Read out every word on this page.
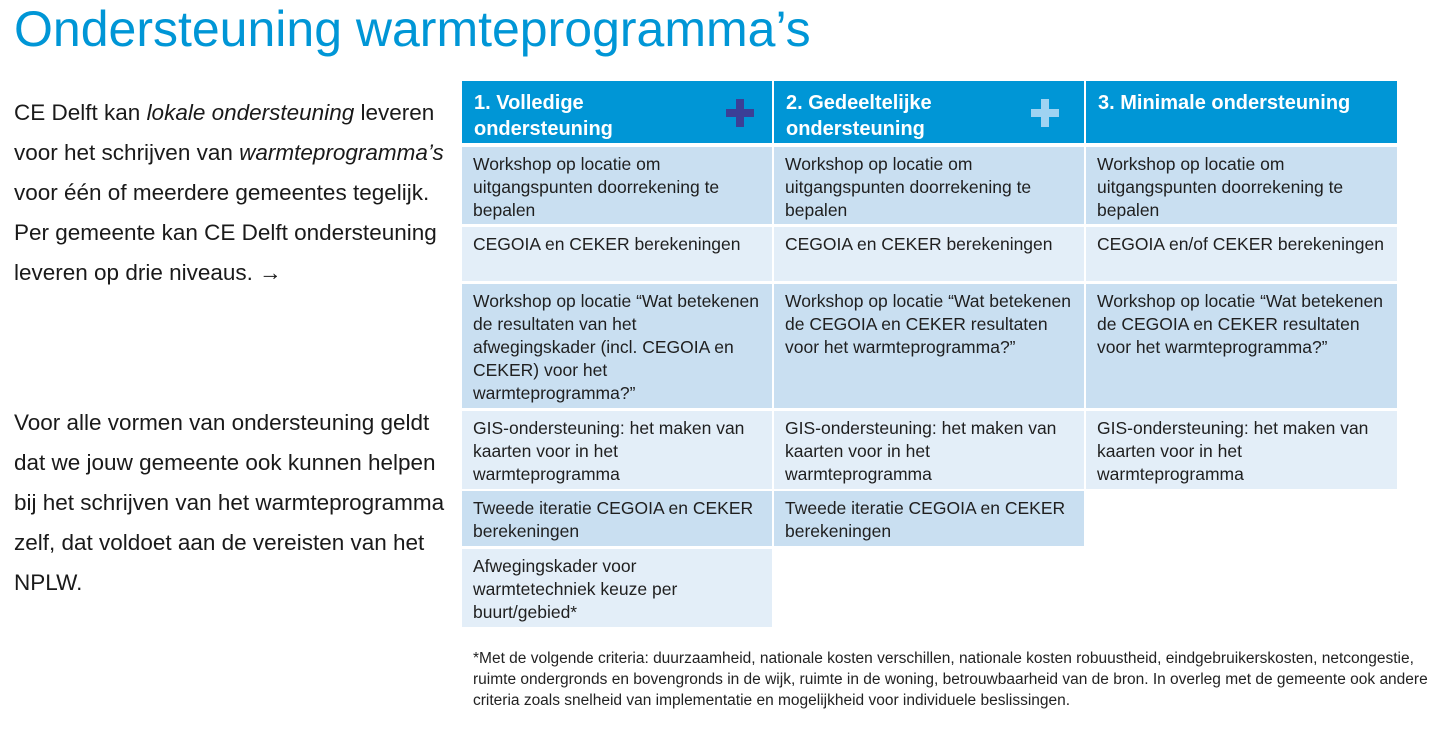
Ondersteuning warmteprogramma’s
CE Delft kan lokale ondersteuning leveren voor het schrijven van warmteprogramma’s voor één of meerdere gemeentes tegelijk. Per gemeente kan CE Delft ondersteuning leveren op drie niveaus. →
Voor alle vormen van ondersteuning geldt dat we jouw gemeente ook kunnen helpen bij het schrijven van het warmteprogramma zelf, dat voldoet aan de vereisten van het NPLW.
1. Volledige ondersteuning
2. Gedeeltelijke ondersteuning
3. Minimale ondersteuning
Workshop op locatie om uitgangspunten doorrekening te bepalen
Workshop op locatie om uitgangspunten doorrekening te bepalen
Workshop op locatie om uitgangspunten doorrekening te bepalen
CEGOIA en CEKER berekeningen	CEGOIA en CEKER berekeningen	CEGOIA en/of CEKER berekeningen
Workshop op locatie “Wat betekenen de resultaten van het afwegingskader (incl. CEGOIA en CEKER) voor het warmteprogramma?”
Workshop op locatie “Wat betekenen de CEGOIA en CEKER resultaten voor het warmteprogramma?”
Workshop op locatie “Wat betekenen de CEGOIA en CEKER resultaten voor het warmteprogramma?”
GIS-ondersteuning: het maken van kaarten voor in het warmteprogramma
GIS-ondersteuning: het maken van kaarten voor in het warmteprogramma
GIS-ondersteuning: het maken van kaarten voor in het warmteprogramma
Tweede iteratie CEGOIA en CEKER berekeningen
Tweede iteratie CEGOIA en CEKER berekeningen
Afwegingskader voor warmtetechniek keuze per buurt/gebied*
*Met de volgende criteria: duurzaamheid, nationale kosten verschillen, nationale kosten robuustheid, eindgebruikerskosten, netcongestie, ruimte ondergronds en bovengronds in de wijk, ruimte in de woning, betrouwbaarheid van de bron. In overleg met de gemeente ook andere criteria zoals snelheid van implementatie en mogelijkheid voor individuele beslissingen.
